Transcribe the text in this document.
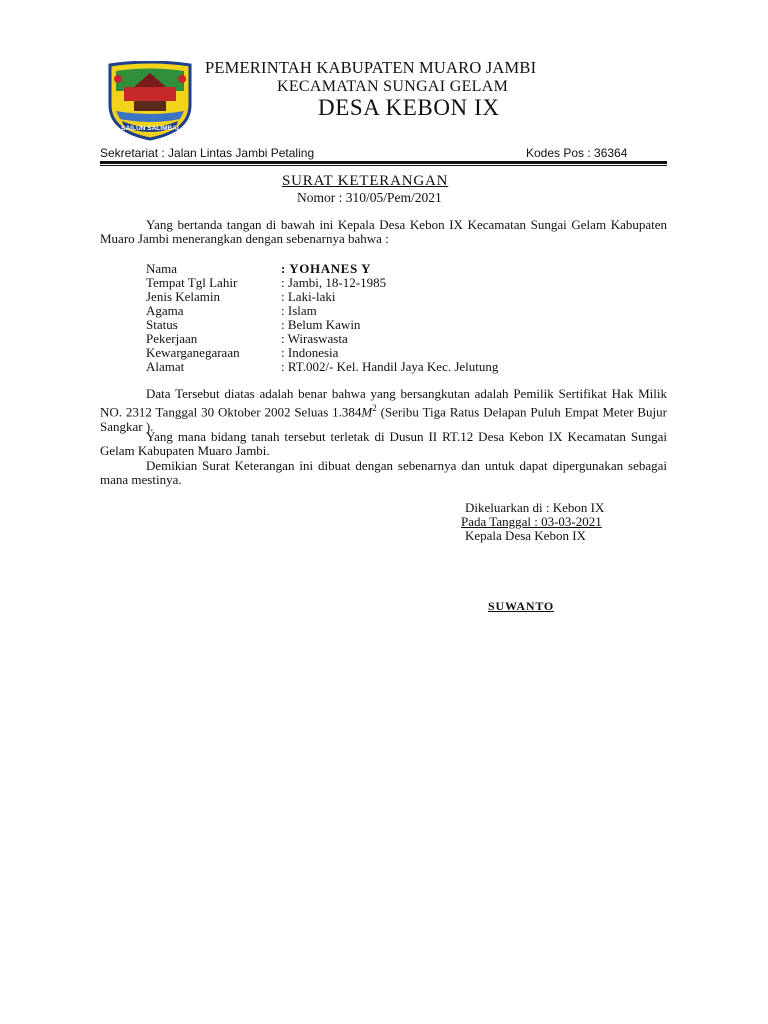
SAILUN SALIMBAI
PEMERINTAH KABUPATEN MUARO JAMBI
KECAMATAN SUNGAI GELAM
DESA KEBON IX
Sekretariat : Jalan Lintas Jambi Petaling	Kodes Pos : 36364
SURAT KETERANGAN
Nomor : 310/05/Pem/2021
Yang bertanda tangan di bawah ini Kepala Desa Kebon IX Kecamatan Sungai Gelam Kabupaten Muaro Jambi menerangkan dengan sebenarnya bahwa :
Nama	: YOHANES Y
Tempat Tgl Lahir	: Jambi, 18-12-1985
Jenis Kelamin	: Laki-laki
Agama	: Islam
Status	: Belum Kawin
Pekerjaan	: Wiraswasta
Kewarganegaraan	: Indonesia
Alamat	: RT.002/- Kel. Handil Jaya Kec. Jelutung
Data Tersebut diatas adalah benar bahwa yang bersangkutan adalah Pemilik Sertifikat Hak Milik NO. 2312 Tanggal 30 Oktober 2002 Seluas $1.384M^2$ (Seribu Tiga Ratus Delapan Puluh Empat Meter Bujur Sangkar ).
Yang mana bidang tanah tersebut terletak di Dusun II RT.12 Desa Kebon IX Kecamatan Sungai Gelam Kabupaten Muaro Jambi.
Demikian Surat Keterangan ini dibuat dengan sebenarnya dan untuk dapat dipergunakan sebagai mana mestinya.
Dikeluarkan di : Kebon IX
Pada Tanggal : 03-03-2021
Kepala Desa Kebon IX
SUWANTO
